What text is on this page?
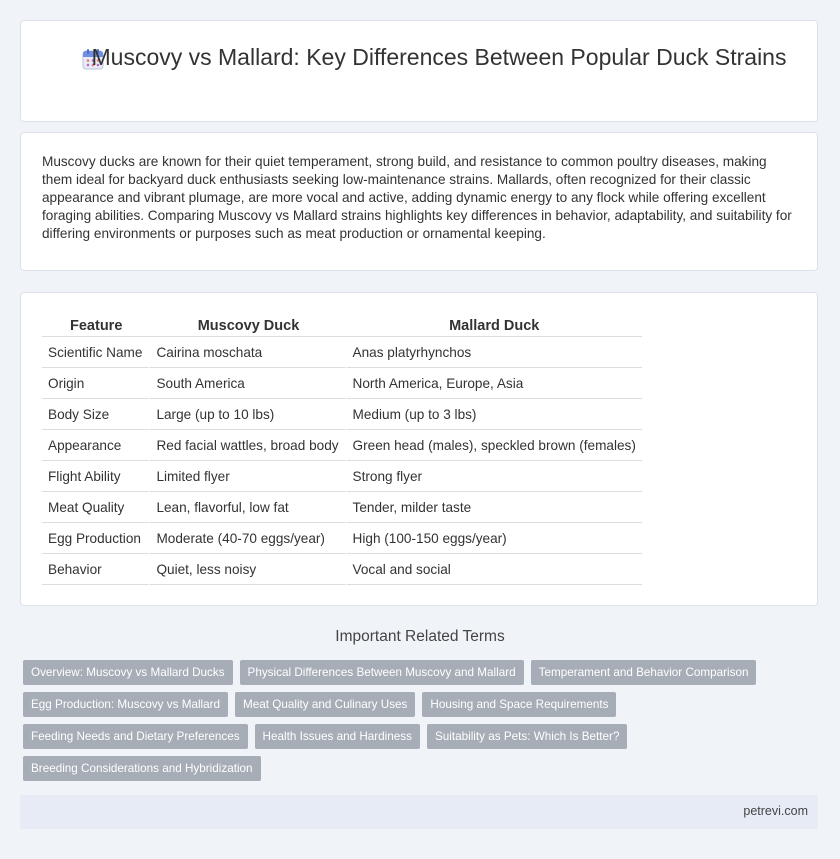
Muscovy vs Mallard: Key Differences Between Popular Duck Strains

Muscovy ducks are known for their quiet temperament, strong build, and resistance to common poultry diseases, making them ideal for backyard duck enthusiasts seeking low-maintenance strains. Mallards, often recognized for their classic appearance and vibrant plumage, are more vocal and active, adding dynamic energy to any flock while offering excellent foraging abilities. Comparing Muscovy vs Mallard strains highlights key differences in behavior, adaptability, and suitability for differing environments or purposes such as meat production or ornamental keeping.

Feature	Muscovy Duck	Mallard Duck
Scientific Name	Cairina moschata	Anas platyrhynchos
Origin	South America	North America, Europe, Asia
Body Size	Large (up to 10 lbs)	Medium (up to 3 lbs)
Appearance	Red facial wattles, broad body	Green head (males), speckled brown (females)
Flight Ability	Limited flyer	Strong flyer
Meat Quality	Lean, flavorful, low fat	Tender, milder taste
Egg Production	Moderate (40-70 eggs/year)	High (100-150 eggs/year)
Behavior	Quiet, less noisy	Vocal and social
Important Related Terms
Overview: Muscovy vs Mallard Ducks Physical Differences Between Muscovy and Mallard Temperament and Behavior ComparisonEgg Production: Muscovy vs Mallard Meat Quality and Culinary Uses Housing and Space RequirementsFeeding Needs and Dietary Preferences Health Issues and Hardiness Suitability as Pets: Which Is Better?Breeding Considerations and Hybridization
petrevi.com
